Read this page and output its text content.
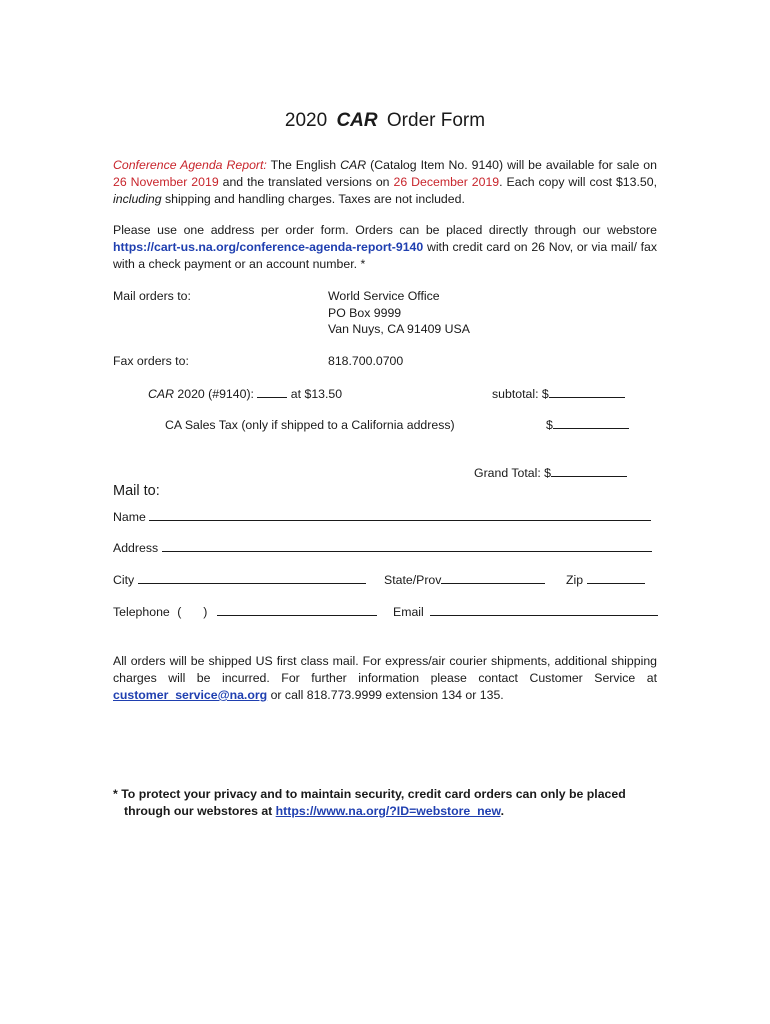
2020 CAR Order Form
Conference Agenda Report: The English CAR (Catalog Item No. 9140) will be available for sale on 26 November 2019 and the translated versions on 26 December 2019. Each copy will cost $13.50, including shipping and handling charges. Taxes are not included.
Please use one address per order form. Orders can be placed directly through our webstore https://cart-us.na.org/conference-agenda-report-9140 with credit card on 26 Nov, or via mail/ fax with a check payment or an account number. *
Mail orders to:	World Service Office
PO Box 9999
Van Nuys, CA 91409 USA
Fax orders to:	818.700.0700
CAR 2020 (#9140):  at $13.50	subtotal: $
CA Sales Tax (only if shipped to a California address)	$
Grand Total: $
Mail to:
Name
Address
City	State/Prov	Zip
Telephone ( )	Email
All orders will be shipped US first class mail. For express/air courier shipments, additional shipping charges will be incurred. For further information please contact Customer Service at customer_service@na.org or call 818.773.9999 extension 134 or 135.
* To protect your privacy and to maintain security, credit card orders can only be placed
through our webstores at https://www.na.org/?ID=webstore_new.
